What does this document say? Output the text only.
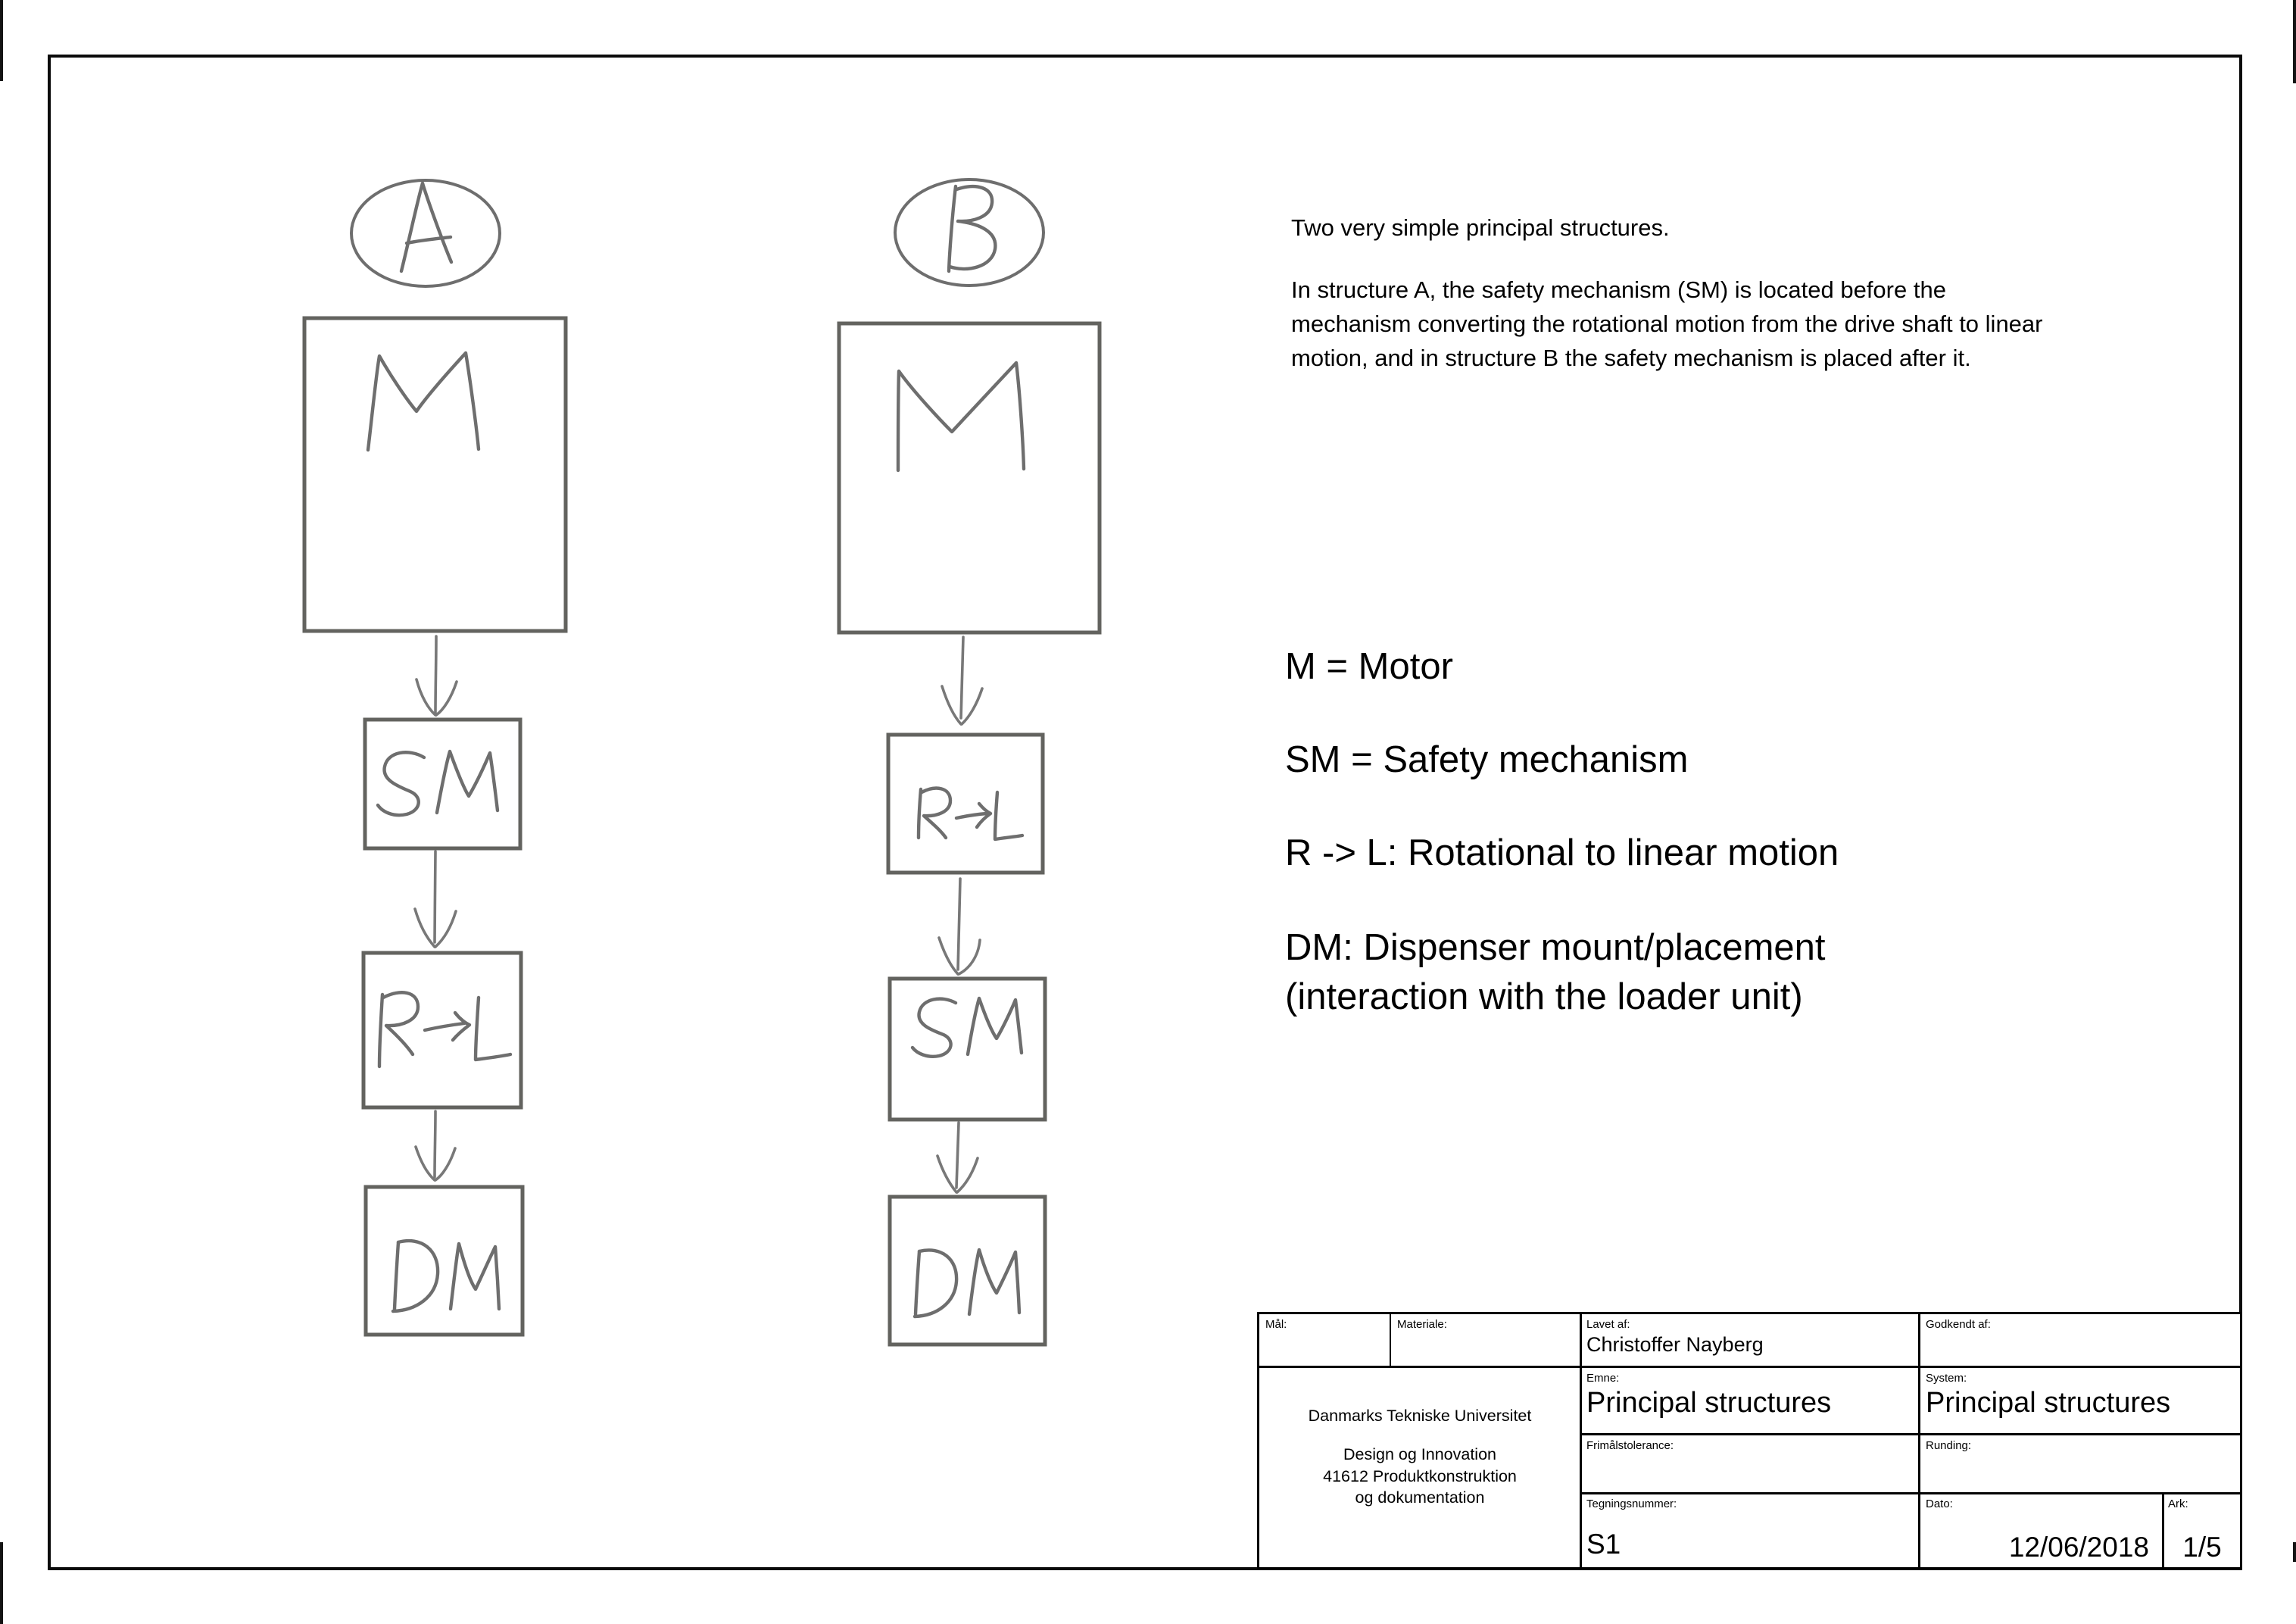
Two very simple principal structures.
In structure A, the safety mechanism (SM) is located before the
mechanism converting the rotational motion from the drive shaft to linear
motion, and in structure B the safety mechanism is placed after it.
M = Motor
SM = Safety mechanism
R -> L: Rotational to linear motion
DM: Dispenser mount/placement
(interaction with the loader unit)
Mål:	Materiale:	Lavet af:
Christoffer Nayberg
Godkendt af:
Danmarks Tekniske Universitet
Design og Innovation
41612 Produktkonstruktion
og dokumentation
Emne:
Principal structures
System:
Principal structures
Frimålstolerance:	Runding:
Tegningsnummer:
S1
Dato:
12/06/2018
Ark:
1/5
